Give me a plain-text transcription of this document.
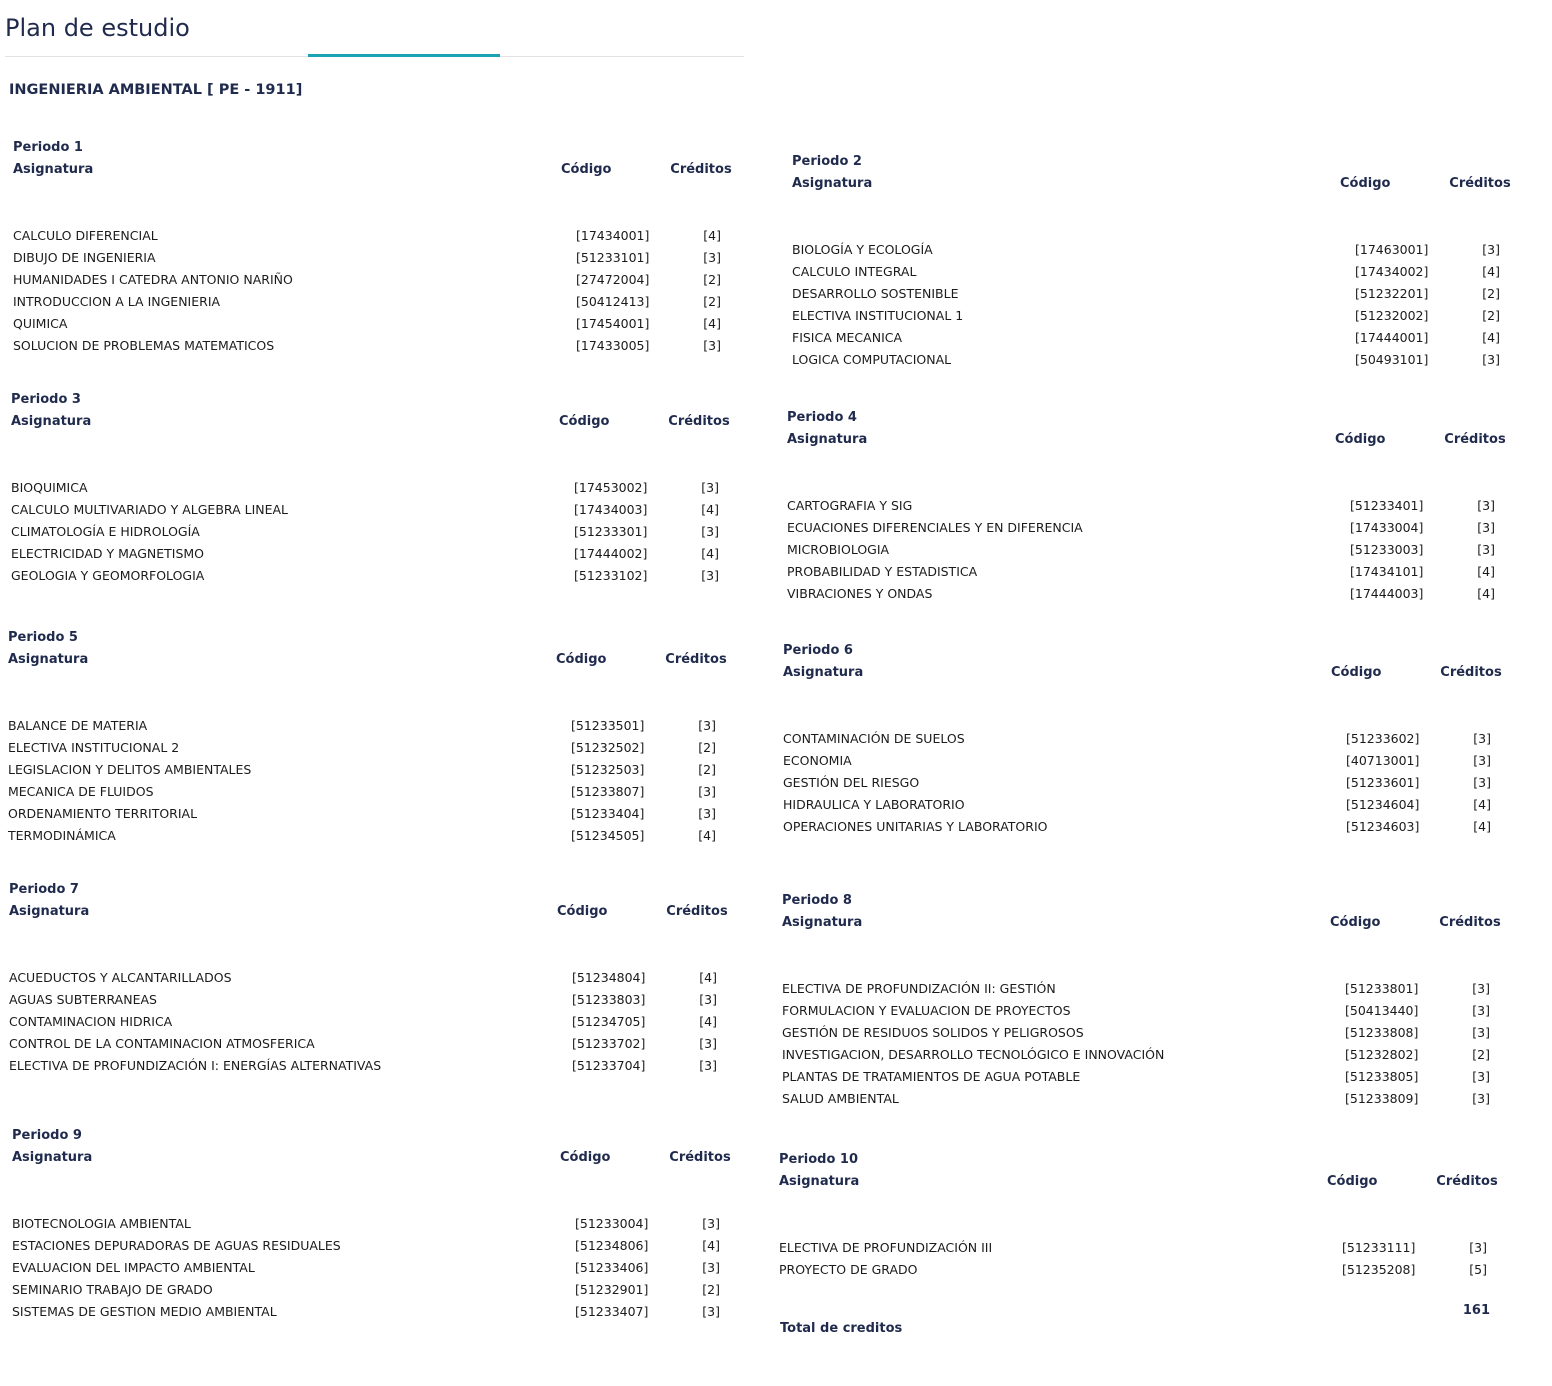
Plan de estudio
INGENIERIA AMBIENTAL [ PE - 1911]
Periodo 1
Asignatura	Código	Créditos
CALCULO DIFERENCIAL	[17434001]	[4]
DIBUJO DE INGENIERIA	[51233101]	[3]
HUMANIDADES I CATEDRA ANTONIO NARIÑO	[27472004]	[2]
INTRODUCCION A LA INGENIERIA	[50412413]	[2]
QUIMICA	[17454001]	[4]
SOLUCION DE PROBLEMAS MATEMATICOS	[17433005]	[3]
Periodo 2
Asignatura	Código	Créditos
BIOLOGÍA Y ECOLOGÍA	[17463001]	[3]
CALCULO INTEGRAL	[17434002]	[4]
DESARROLLO SOSTENIBLE	[51232201]	[2]
ELECTIVA INSTITUCIONAL 1	[51232002]	[2]
FISICA MECANICA	[17444001]	[4]
LOGICA COMPUTACIONAL	[50493101]	[3]
Periodo 3
Asignatura	Código	Créditos
BIOQUIMICA	[17453002]	[3]
CALCULO MULTIVARIADO Y ALGEBRA LINEAL	[17434003]	[4]
CLIMATOLOGÍA E HIDROLOGÍA	[51233301]	[3]
ELECTRICIDAD Y MAGNETISMO	[17444002]	[4]
GEOLOGIA Y GEOMORFOLOGIA	[51233102]	[3]
Periodo 4
Asignatura	Código	Créditos
CARTOGRAFIA Y SIG	[51233401]	[3]
ECUACIONES DIFERENCIALES Y EN DIFERENCIA	[17433004]	[3]
MICROBIOLOGIA	[51233003]	[3]
PROBABILIDAD Y ESTADISTICA	[17434101]	[4]
VIBRACIONES Y ONDAS	[17444003]	[4]
Periodo 5
Asignatura	Código	Créditos
BALANCE DE MATERIA	[51233501]	[3]
ELECTIVA INSTITUCIONAL 2	[51232502]	[2]
LEGISLACION Y DELITOS AMBIENTALES	[51232503]	[2]
MECANICA DE FLUIDOS	[51233807]	[3]
ORDENAMIENTO TERRITORIAL	[51233404]	[3]
TERMODINÁMICA	[51234505]	[4]
Periodo 6
Asignatura	Código	Créditos
CONTAMINACIÓN DE SUELOS	[51233602]	[3]
ECONOMIA	[40713001]	[3]
GESTIÓN DEL RIESGO	[51233601]	[3]
HIDRAULICA Y LABORATORIO	[51234604]	[4]
OPERACIONES UNITARIAS Y LABORATORIO	[51234603]	[4]
Periodo 7
Asignatura	Código	Créditos
ACUEDUCTOS Y ALCANTARILLADOS	[51234804]	[4]
AGUAS SUBTERRANEAS	[51233803]	[3]
CONTAMINACION HIDRICA	[51234705]	[4]
CONTROL DE LA CONTAMINACION ATMOSFERICA	[51233702]	[3]
ELECTIVA DE PROFUNDIZACIÓN I: ENERGÍAS ALTERNATIVAS	[51233704]	[3]
Periodo 8
Asignatura	Código	Créditos
ELECTIVA DE PROFUNDIZACIÓN II: GESTIÓN	[51233801]	[3]
FORMULACION Y EVALUACION DE PROYECTOS	[50413440]	[3]
GESTIÓN DE RESIDUOS SOLIDOS Y PELIGROSOS	[51233808]	[3]
INVESTIGACION, DESARROLLO TECNOLÓGICO E INNOVACIÓN	[51232802]	[2]
PLANTAS DE TRATAMIENTOS DE AGUA POTABLE	[51233805]	[3]
SALUD AMBIENTAL	[51233809]	[3]
Periodo 9
Asignatura	Código	Créditos
BIOTECNOLOGIA AMBIENTAL	[51233004]	[3]
ESTACIONES DEPURADORAS DE AGUAS RESIDUALES	[51234806]	[4]
EVALUACION DEL IMPACTO AMBIENTAL	[51233406]	[3]
SEMINARIO TRABAJO DE GRADO	[51232901]	[2]
SISTEMAS DE GESTION MEDIO AMBIENTAL	[51233407]	[3]
Periodo 10
Asignatura	Código	Créditos
ELECTIVA DE PROFUNDIZACIÓN III	[51233111]	[3]
PROYECTO DE GRADO	[51235208]	[5]
161
Total de creditos
